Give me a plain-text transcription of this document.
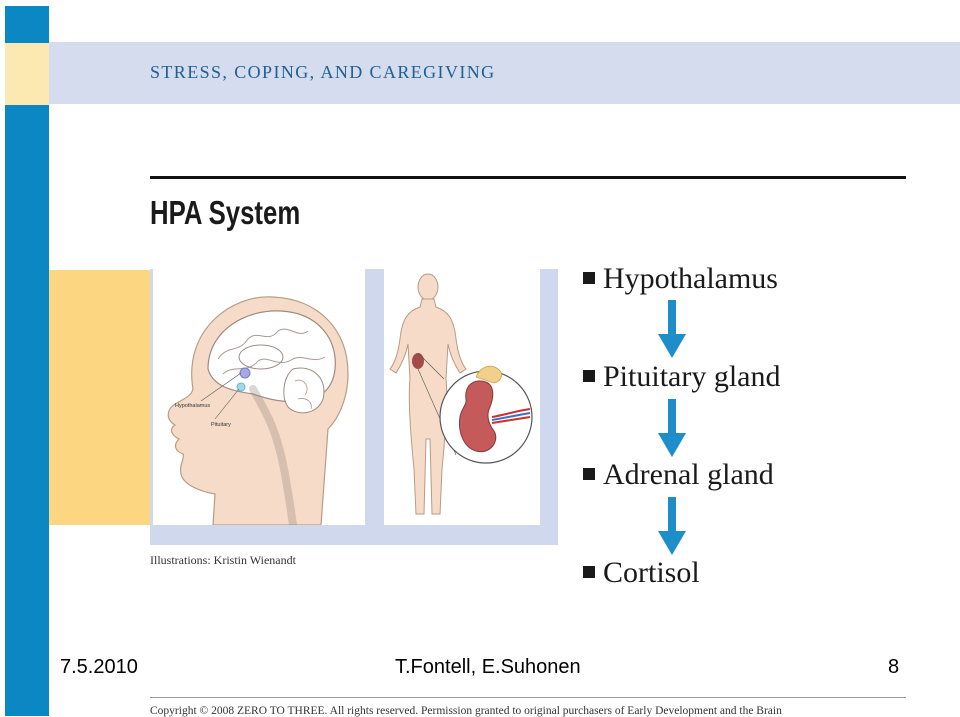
STRESS, COPING, AND CAREGIVING
HPA System
Hypothalamus
Pituitary
Illustrations: Kristin Wienandt
Hypothalamus
Pituitary gland
Adrenal gland
Cortisol
7.5.2010	T.Fontell, E.Suhonen	8
Copyright © 2008 ZERO TO THREE. All rights reserved. Permission granted to original purchasers of Early Development and the Brain
